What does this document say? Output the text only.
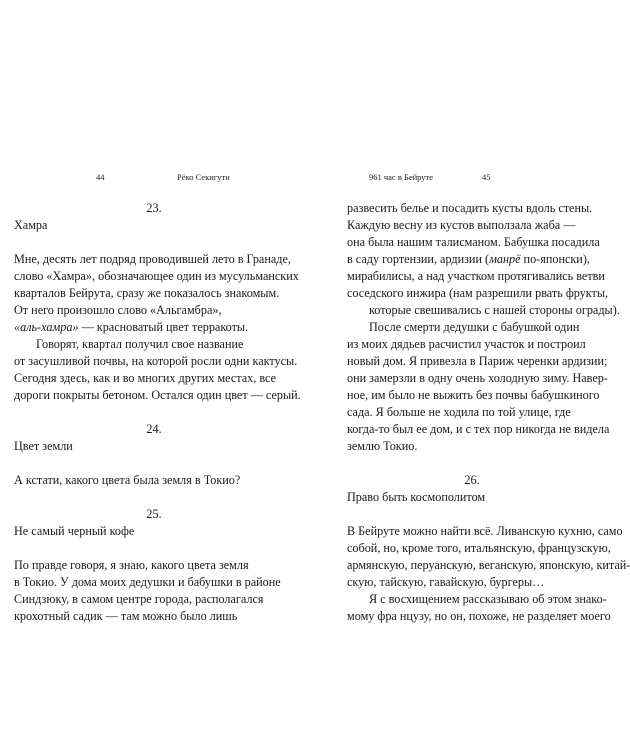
44	Рёко Секигути
23.
Хамра
Мне, десять лет подряд проводившей лето в Гранаде,
слово «Хамра», обозначающее один из мусульманских
кварталов Бейрута, сразу же показалось знакомым.
От него произошло слово «Альгамбра»,
«аль-хамра» — красноватый цвет терракоты.
Говорят, квартал получил свое название
от засушливой почвы, на которой росли одни кактусы.
Сегодня здесь, как и во многих других местах, все
дороги покрыты бетоном. Остался один цвет — серый.
24.
Цвет земли
А кстати, какого цвета была земля в Токио?
25.
Не самый черный кофе
По правде говоря, я знаю, какого цвета земля
в Токио. У дома моих дедушки и бабушки в районе
Синдзюку, в самом центре города, располагался
крохотный садик — там можно было лишь
961 час в Бейруте	45
развесить белье и посадить кусты вдоль стены.
Каждую весну из кустов выползала жаба —
она была нашим талисманом. Бабушка посадила
в саду гортензии, ардизии (манрё по-японски),
мирабилисы, а над участком протягивались ветви
соседского инжира (нам разрешили рвать фрукты,
которые свешивались с нашей стороны ограды).
После смерти дедушки с бабушкой один
из моих дядьев расчистил участок и построил
новый дом. Я привезла в Париж черенки ардизии;
они замерзли в одну очень холодную зиму. Навер-
ное, им было не выжить без почвы бабушкиного
сада. Я больше не ходила по той улице, где
когда-то был ее дом, и с тех пор никогда не видела
землю Токио.
26.
Право быть космополитом
В Бейруте можно найти всё. Ливанскую кухню, само
собой, но, кроме того, итальянскую, французскую,
армянскую, перуанскую, веганскую, японскую, китай-
скую, тайскую, гавайскую, бургеры…
Я с восхищением рассказываю об этом знако-
мому фра нцузу, но он, похоже, не разделяет моего
